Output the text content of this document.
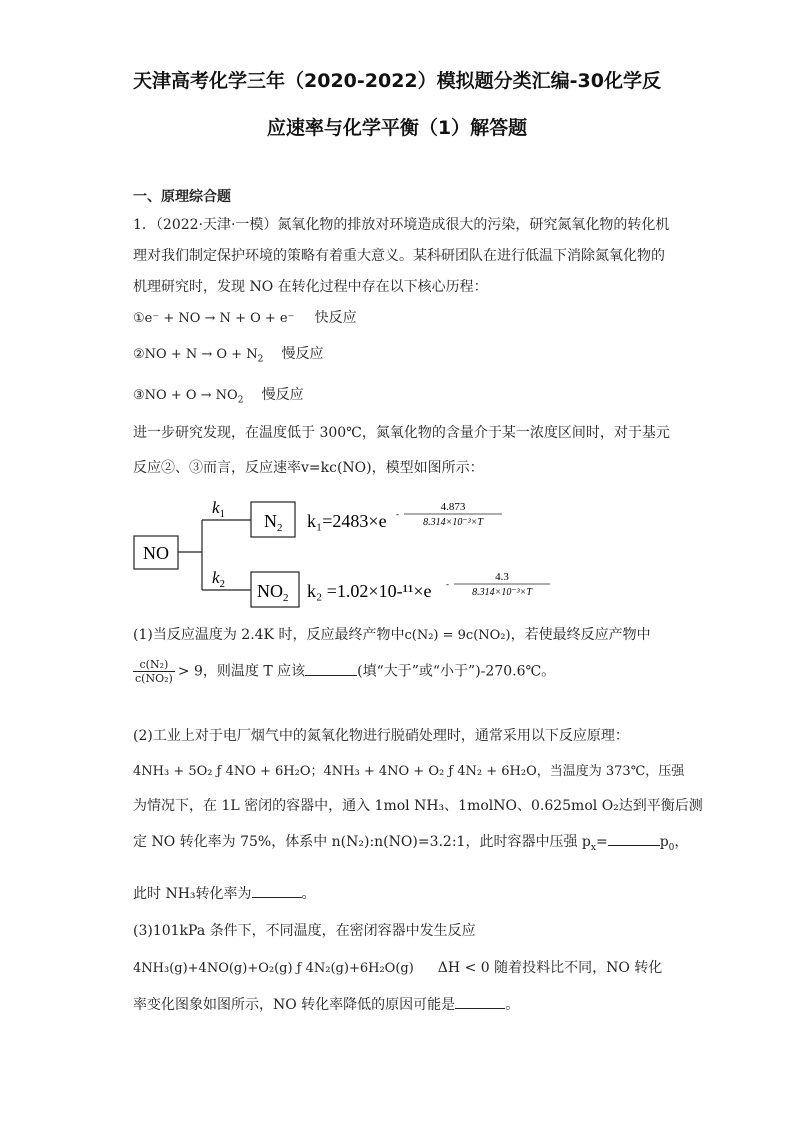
天津高考化学三年（2020-2022）模拟题分类汇编-30化学反
应速率与化学平衡（1）解答题
一、原理综合题
1．（2022·天津·一模）氮氧化物的排放对环境造成很大的污染，研究氮氧化物的转化机
理对我们制定保护环境的策略有着重大意义。某科研团队在进行低温下消除氮氧化物的
机理研究时，发现 NO 在转化过程中存在以下核心历程：
①e⁻ + NO → N + O + e⁻ 快反应
②NO + $N \to O + N_2$ 慢反应
③NO + $O \to NO_2$ 慢反应
进一步研究发现，在温度低于 300℃，氮氧化物的含量介于某一浓度区间时，对于基元
反应②、③而言，反应速率v=kc(NO)，模型如图所示：
NO
$k_1$
$k_2$
$N_2$
$NO_2$
k₁=2483×e -
4.873
8.314×10⁻³×T
k₂ =1.02×10-¹¹×e -
4.3
8.314×10⁻³×T
(1)当反应温度为 2.4K 时，反应最终产物中c(N₂) = 9c(NO₂)，若使最终反应产物中
$\frac{\text{c(N₂)}}{\text{c(NO₂)}} > 9$，则温度 T 应该	(填“大于”或“小于”)-270.6℃。
(2)工业上对于电厂烟气中的氮氧化物进行脱硝处理时，通常采用以下反应原理：
4NH₃ + 5O₂ ƒ 4NO + 6H₂O；4NH₃ + 4NO + O₂ ƒ 4N₂ + 6H₂O，当温度为 373℃，压强
为情况下，在 1L 密闭的容器中，通入 1mol NH₃、1molNO、0.625mol O₂达到平衡后测
定 NO 转化率为 75%，体系中 n(N₂):n(NO)=3.2:1，此时容器中压强 $p_x=$	$p_0$，
此时 NH₃转化率为	。
(3)101kPa 条件下，不同温度，在密闭容器中发生反应
4NH₃(g)+4NO(g)+O₂(g) ƒ 4N₂(g)+6H₂O(g) ΔH < 0 随着投料比不同，NO 转化
率变化图象如图所示，NO 转化率降低的原因可能是	。
